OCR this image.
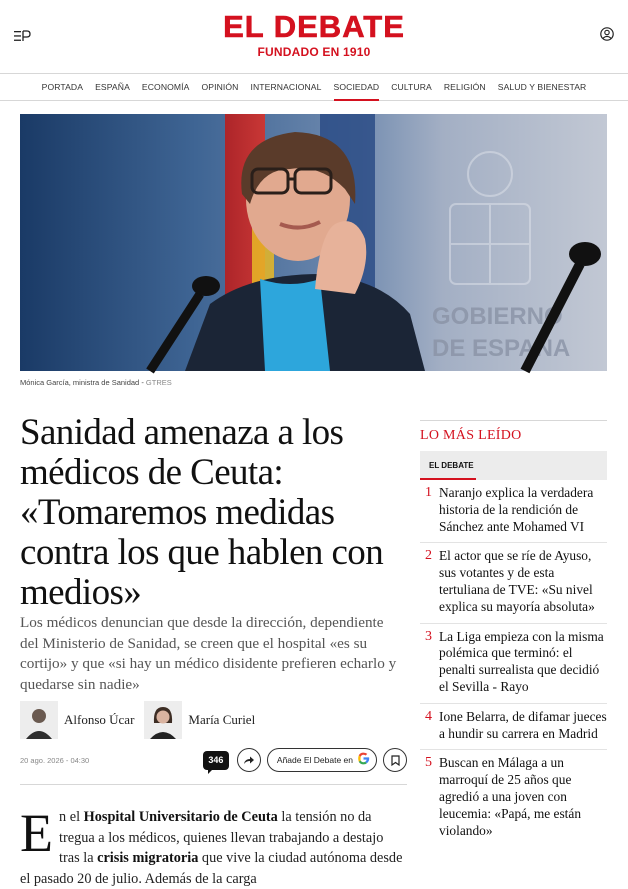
EL DEBATE
FUNDADO EN 1910
PORTADA	ESPAÑA	ECONOMÍA	OPINIÓN	INTERNACIONAL	SOCIEDAD	CULTURA	RELIGIÓN	SALUD Y BIENESTAR
GOBIERNO
DE ESPAÑA
Mónica García, ministra de Sanidad - GTRES
Sanidad amenaza a los médicos de Ceuta: «Tomaremos medidas contra los que hablen con medios»

Los médicos denuncian que desde la dirección, dependiente del Ministerio de Sanidad, se creen que el hospital «es su cortijo» y que «si hay un médico disidente prefieren echarlo y quedarse sin nadie»

Alfonso Úcar	María Curiel
20 ago. 2026 - 04:30	346	Añade El Debate en
En el Hospital Universitario de Ceuta la tensión no da tregua a los médicos, quienes llevan trabajando a destajo tras la crisis migratoria que vive la ciudad autónoma desde el pasado 20 de julio. Además de la carga
LO MÁS LEÍDO
EL DEBATE
1 Naranjo explica la verdadera historia de la rendición de Sánchez ante Mohamed VI
2 El actor que se ríe de Ayuso, sus votantes y de esta tertuliana de TVE: «Su nivel explica su mayoría absoluta»
3 La Liga empieza con la misma polémica que terminó: el penalti surrealista que decidió el Sevilla - Rayo
4 Ione Belarra, de difamar jueces a hundir su carrera en Madrid
5 Buscan en Málaga a un marroquí de 25 años que agredió a una joven con leucemia: «Papá, me están violando»
